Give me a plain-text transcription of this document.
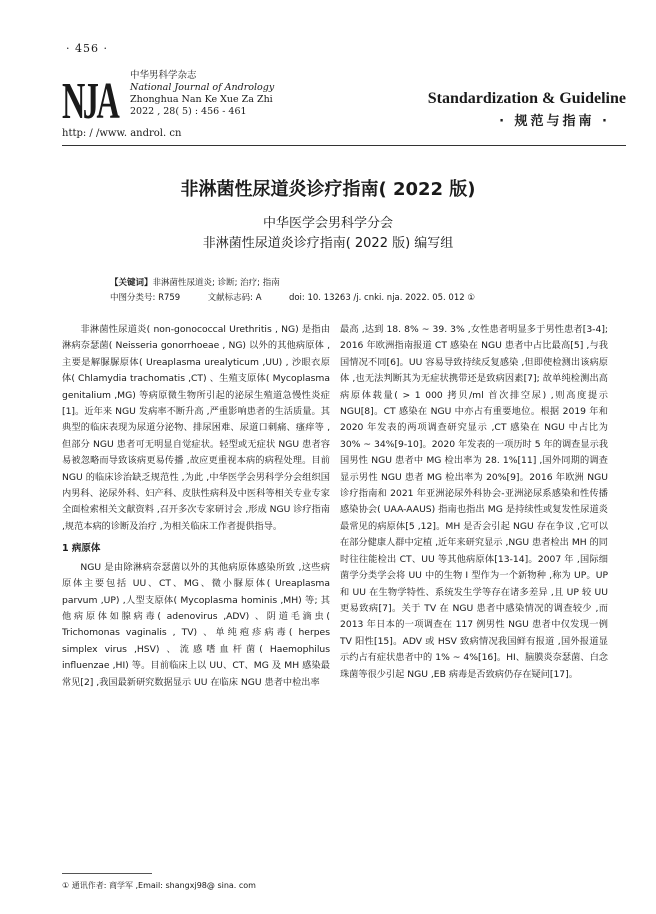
· 456 ·
NJA 中华男科学杂志
National Journal of Andrology
Zhonghua Nan Ke Xue Za Zhi
2022 , 28( 5) : 456 - 461
http: / /www. androl. cn
Standardization & Guideline
· 规范与指南 ·
非淋菌性尿道炎诊疗指南( 2022 版)
中华医学会男科学分会
非淋菌性尿道炎诊疗指南( 2022 版) 编写组
【关键词】非淋菌性尿道炎; 诊断; 治疗; 指南
中图分类号: R759	文献标志码: A	doi: 10. 13263 /j. cnki. nja. 2022. 05. 012 ①

非淋菌性尿道炎( non-gonococcal Urethritis , NG) 是指由淋病奈瑟菌( Neisseria gonorrhoeae , NG) 以外的其他病原体 ,主要是解脲脲原体( Ureaplasma urealyticum ,UU) , 沙眼衣原体( Chlamydia trachomatis ,CT) 、生殖支原体( Mycoplasma genitalium ,MG) 等病原微生物所引起的泌尿生殖道急慢性炎症[1]。近年来 NGU 发病率不断升高 ,严重影响患者的生活质量。其典型的临床表现为尿道分泌物、排尿困难、尿道口刺痛、瘙痒等 ,但部分 NGU 患者可无明显自觉症状。轻型或无症状 NGU 患者容易被忽略而导致该病更易传播 ,故应更重视本病的病程处理。目前 NGU 的临床诊治缺乏规范性 ,为此 ,中华医学会男科学分会组织国内男科、泌尿外科、妇产科、皮肤性病科及中医科等相关专业专家全面检索相关文献资料 ,召开多次专家研讨会 ,形成 NGU 诊疗指南 ,规范本病的诊断及治疗 ,为相关临床工作者提供指导。

1 病原体

NGU 是由除淋病奈瑟菌以外的其他病原体感染所致 ,这些病原体主要包括 UU、CT、MG、微小脲原体( Ureaplasma parvum ,UP) ,人型支原体( Mycoplasma hominis ,MH) 等; 其他病原体如腺病毒( adenovirus ,ADV) 、阴道毛滴虫( Trichomonas vaginalis , TV) 、单纯疱疹病毒( herpes simplex virus ,HSV) 、流感嗜血杆菌( Haemophilus influenzae ,HI) 等。目前临床上以 UU、CT、MG 及 MH 感染最常见[2] ,我国最新研究数据显示 UU 在临床 NGU 患者中检出率

最高 ,达到 18. 8% ~ 39. 3% ,女性患者明显多于男性患者[3-4]; 2016 年欧洲指南报道 CT 感染在 NGU 患者中占比最高[5] ,与我国情况不同[6]。UU 容易导致持续反复感染 ,但即使检测出该病原体 ,也无法判断其为无症状携带还是致病因素[7]; 故单纯检测出高病原体载量( > 1 000 拷贝/ml 首次排空尿) ,则高度提示 NGU[8]。CT 感染在 NGU 中亦占有重要地位。根据 2019 年和 2020 年发表的两项调查研究显示 ,CT 感染在 NGU 中占比为 30% ~ 34%[9-10]。2020 年发表的一项历时 5 年的调查显示我国男性 NGU 患者中 MG 检出率为 28. 1%[11] ,国外同期的调查显示男性 NGU 患者 MG 检出率为 20%[9]。2016 年欧洲 NGU 诊疗指南和 2021 年亚洲泌尿外科协会-亚洲泌尿系感染和性传播感染协会( UAA-AAUS) 指南也指出 MG 是持续性或复发性尿道炎最常见的病原体[5 ,12]。MH 是否会引起 NGU 存在争议 ,它可以在部分健康人群中定植 ,近年来研究显示 ,NGU 患者检出 MH 的同时往往能检出 CT、UU 等其他病原体[13-14]。2007 年 ,国际细菌学分类学会将 UU 中的生物 Ⅰ 型作为一个新物种 ,称为 UP。UP 和 UU 在生物学特性、系统发生学等存在诸多差异 ,且 UP 较 UU 更易致病[7]。关于 TV 在 NGU 患者中感染情况的调查较少 ,而 2013 年日本的一项调查在 117 例男性 NGU 患者中仅发现一例 TV 阳性[15]。ADV 或 HSV 致病情况我国鲜有报道 ,国外报道显示约占有症状患者中的 1% ~ 4%[16]。HI、脑膜炎奈瑟菌、白念珠菌等很少引起 NGU ,EB 病毒是否致病仍存在疑问[17]。

① 通讯作者: 商学军 ,Email: shangxj98@ sina. com
